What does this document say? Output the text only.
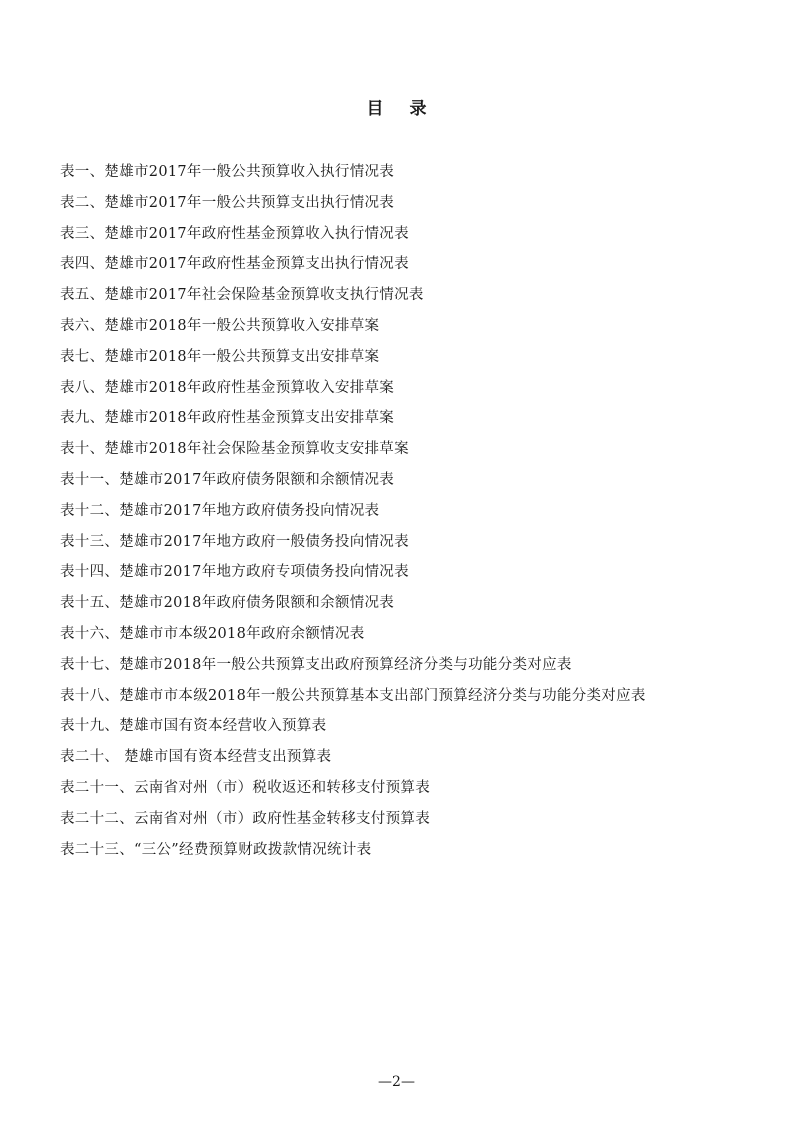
目 录
表一、楚雄市2017年一般公共预算收入执行情况表
表二、楚雄市2017年一般公共预算支出执行情况表
表三、楚雄市2017年政府性基金预算收入执行情况表
表四、楚雄市2017年政府性基金预算支出执行情况表
表五、楚雄市2017年社会保险基金预算收支执行情况表
表六、楚雄市2018年一般公共预算收入安排草案
表七、楚雄市2018年一般公共预算支出安排草案
表八、楚雄市2018年政府性基金预算收入安排草案
表九、楚雄市2018年政府性基金预算支出安排草案
表十、楚雄市2018年社会保险基金预算收支安排草案
表十一、楚雄市2017年政府债务限额和余额情况表
表十二、楚雄市2017年地方政府债务投向情况表
表十三、楚雄市2017年地方政府一般债务投向情况表
表十四、楚雄市2017年地方政府专项债务投向情况表
表十五、楚雄市2018年政府债务限额和余额情况表
表十六、楚雄市市本级2018年政府余额情况表
表十七、楚雄市2018年一般公共预算支出政府预算经济分类与功能分类对应表
表十八、楚雄市市本级2018年一般公共预算基本支出部门预算经济分类与功能分类对应表
表十九、楚雄市国有资本经营收入预算表
表二十、 楚雄市国有资本经营支出预算表
表二十一、云南省对州（市）税收返还和转移支付预算表
表二十二、云南省对州（市）政府性基金转移支付预算表
表二十三、“三公”经费预算财政拨款情况统计表
—2—
